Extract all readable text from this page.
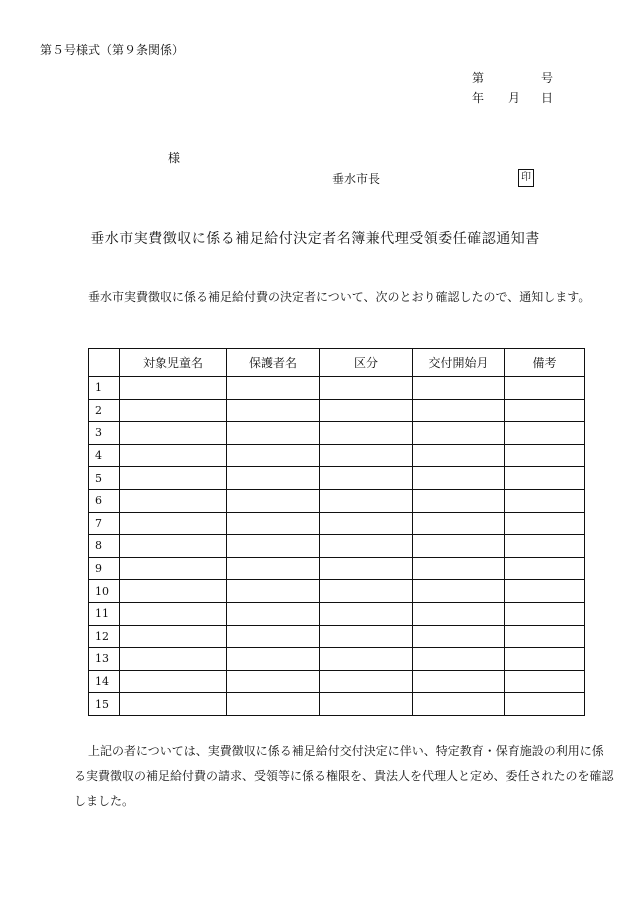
第５号様式（第９条関係）
第	号
年 月 日
様
垂水市長	印
垂水市実費徴収に係る補足給付決定者名簿兼代理受領委任確認通知書
垂水市実費徴収に係る補足給付費の決定者について、次のとおり確認したので、通知します。
	対象児童名	保護者名	区分	交付開始月	備考
1					
2					
3					
4					
5					
6					
7					
8					
9					
10					
11					
12					
13					
14					
15					
上記の者については、実費徴収に係る補足給付交付決定に伴い、特定教育・保育施設の利用に係る実費徴収の補足給付費の請求、受領等に係る権限を、貴法人を代理人と定め、委任されたのを確認しました。
